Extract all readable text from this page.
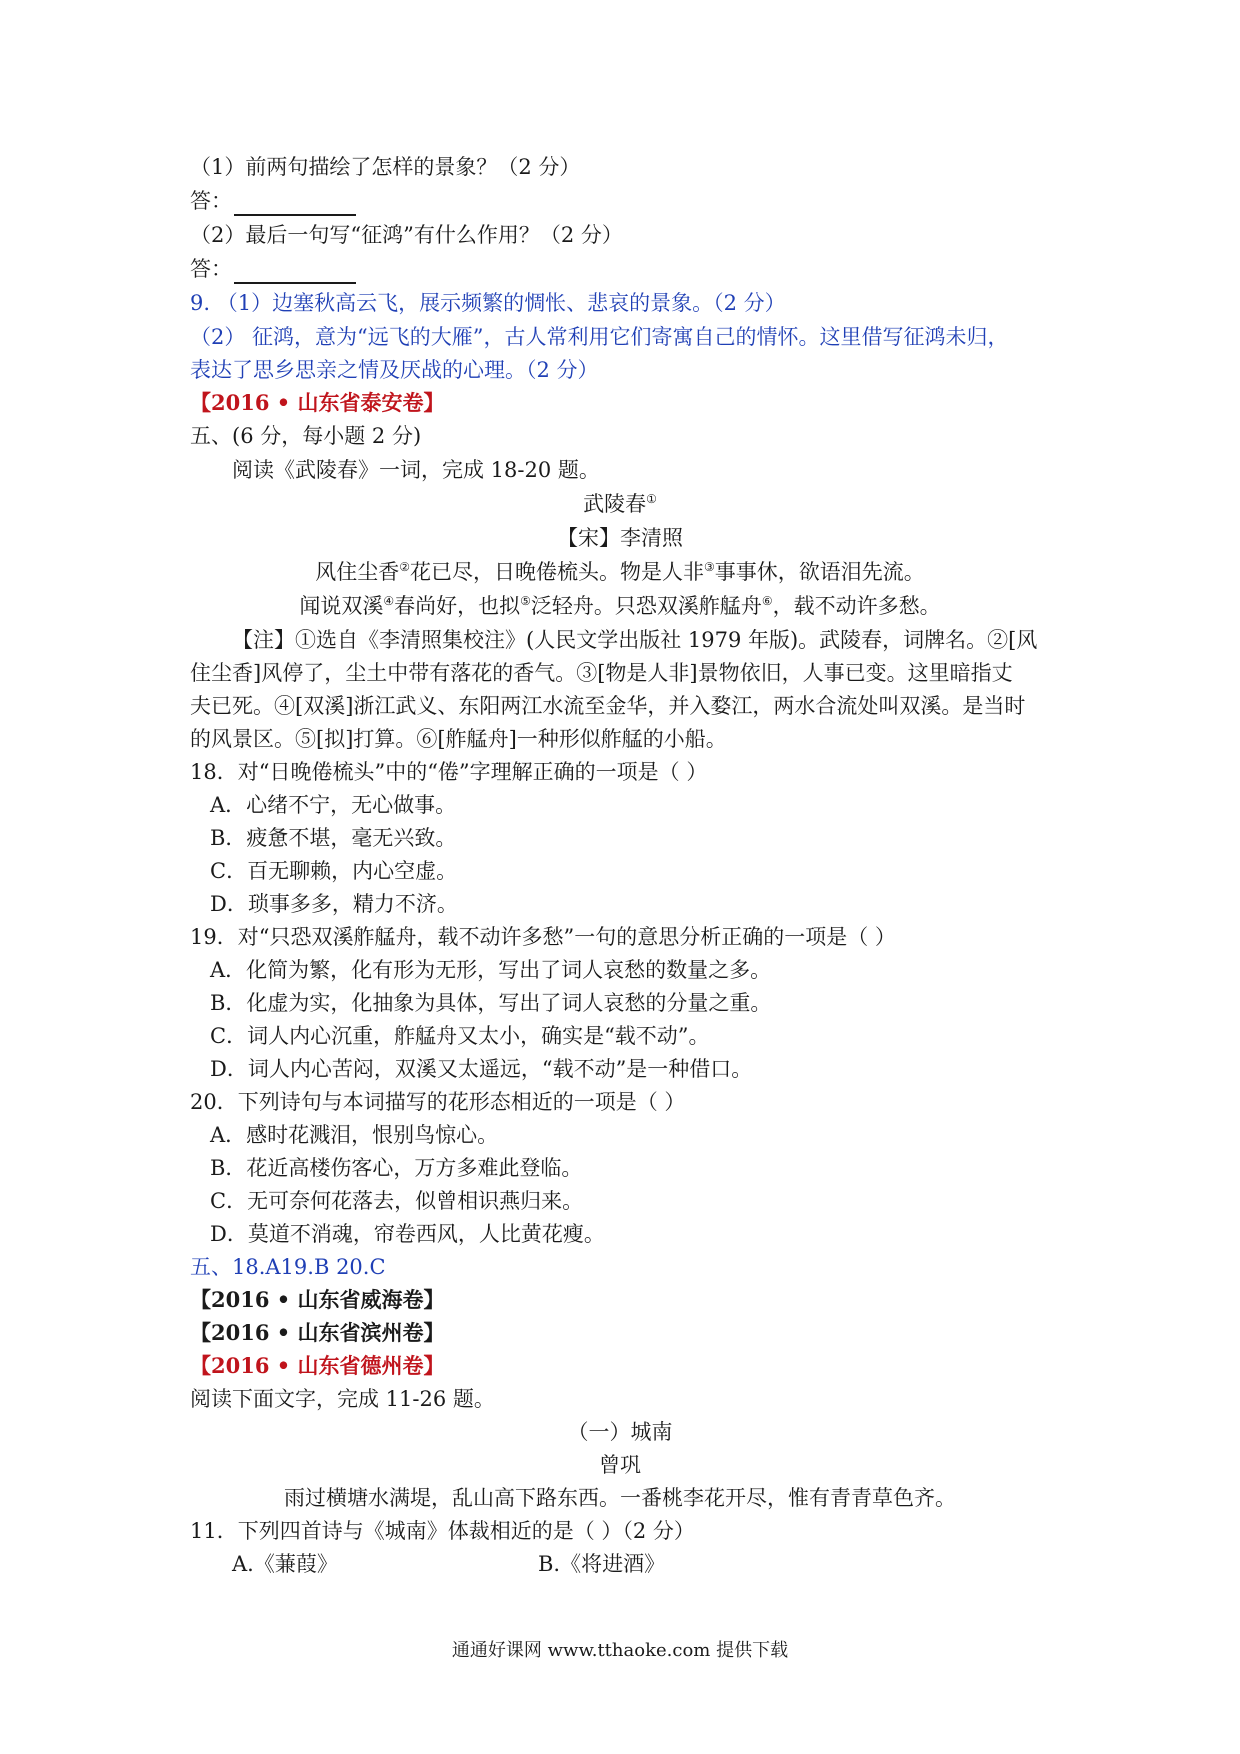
（1）前两句描绘了怎样的景象？（2 分）
答：
（2）最后一句写“征鸿”有什么作用？（2 分）
答：
9. （1）边塞秋高云飞，展示频繁的惆怅、悲哀的景象。（2 分）
（2） 征鸿，意为“远飞的大雁”，古人常利用它们寄寓自己的情怀。这里借写征鸿未归，
表达了思乡思亲之情及厌战的心理。（2 分）
【2016 • 山东省泰安卷】
五、(6 分，每小题 2 分)
阅读《武陵春》一词，完成 18-20 题。
武陵春①
【宋】李清照
风住尘香②花已尽，日晚倦梳头。物是人非③事事休，欲语泪先流。
闻说双溪④春尚好，也拟⑤泛轻舟。只恐双溪舴艋舟⑥，载不动许多愁。
【注】①选自《李清照集校注》(人民文学出版社 1979 年版)。武陵春，词牌名。②[风
住尘香]风停了，尘土中带有落花的香气。③[物是人非]景物依旧，人事已变。这里暗指丈
夫已死。④[双溪]浙江武义、东阳两江水流至金华，并入婺江，两水合流处叫双溪。是当时
的风景区。⑤[拟]打算。⑥[舴艋舟]一种形似舴艋的小船。
18．对“日晚倦梳头”中的“倦”字理解正确的一项是（ ）
A．心绪不宁，无心做事。
B．疲惫不堪，毫无兴致。
C．百无聊赖，内心空虚。
D．琐事多多，精力不济。
19．对“只恐双溪舴艋舟，载不动许多愁”一句的意思分析正确的一项是（ ）
A．化简为繁，化有形为无形，写出了词人哀愁的数量之多。
B．化虚为实，化抽象为具体，写出了词人哀愁的分量之重。
C．词人内心沉重，舴艋舟又太小，确实是“载不动”。
D．词人内心苦闷，双溪又太遥远，“载不动”是一种借口。
20．下列诗句与本词描写的花形态相近的一项是（ ）
A．感时花溅泪，恨别鸟惊心。
B．花近高楼伤客心，万方多难此登临。
C．无可奈何花落去，似曾相识燕归来。
D．莫道不消魂，帘卷西风，人比黄花瘦。
五、18.A19.B 20.C
【2016 • 山东省威海卷】
【2016 • 山东省滨州卷】
【2016 • 山东省德州卷】
阅读下面文字，完成 11-26 题。
（一）城南
曾巩
雨过横塘水满堤，乱山高下路东西。一番桃李花开尽，惟有青青草色齐。
11．下列四首诗与《城南》体裁相近的是（ ）（2 分）
A.《蒹葭》	B.《将进酒》
通通好课网 www.tthaoke.com 提供下载
